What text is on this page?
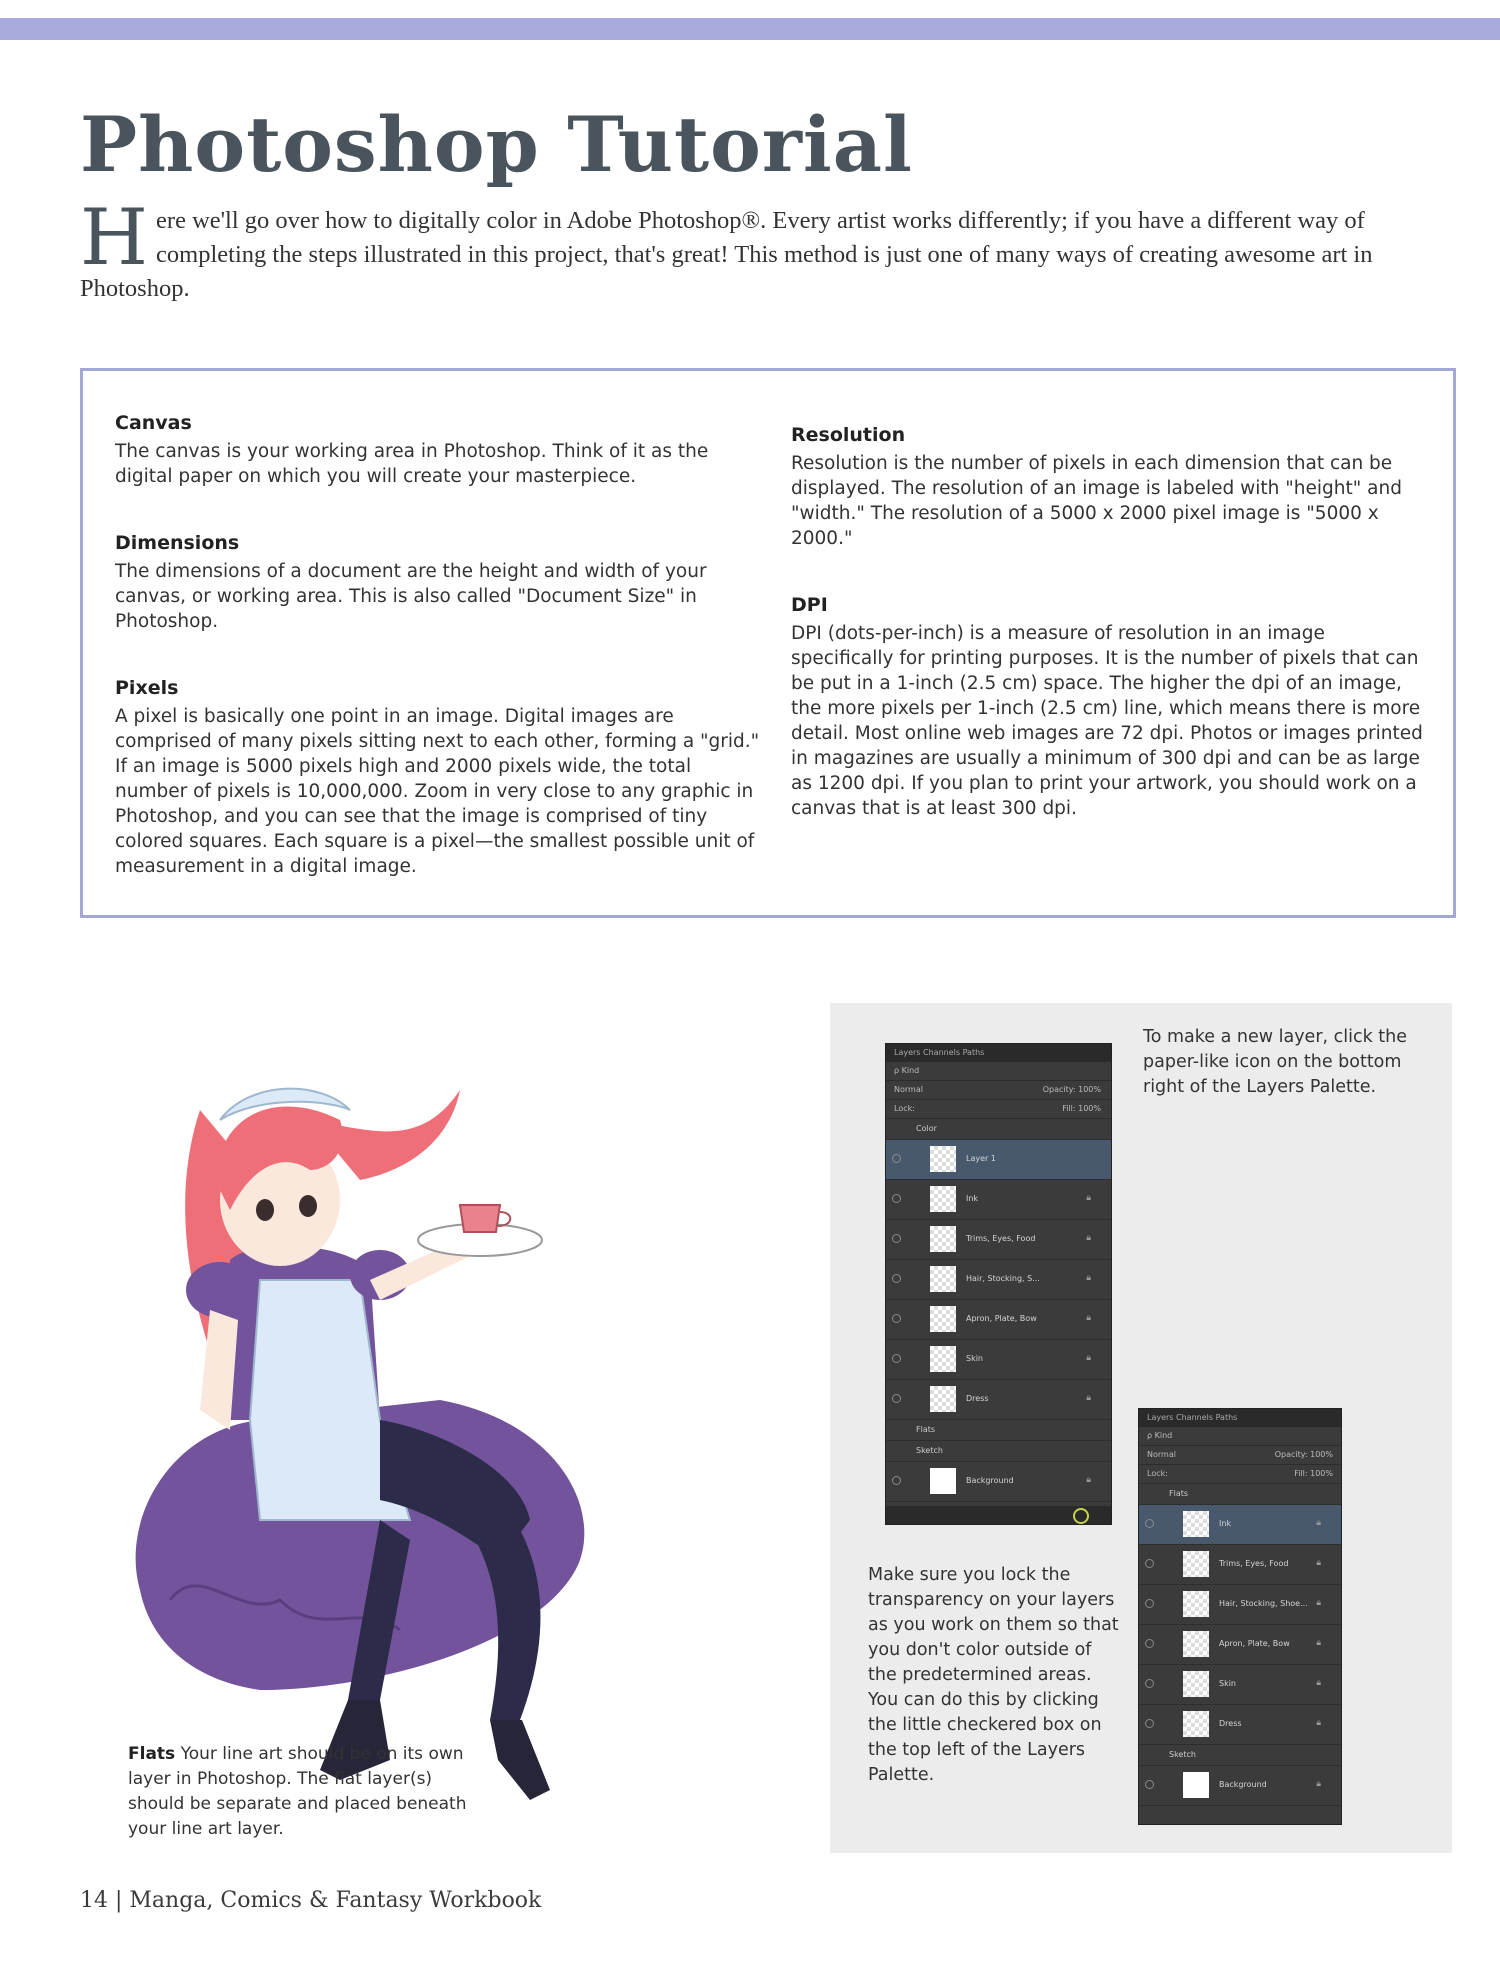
Photoshop Tutorial

Here we'll go over how to digitally color in Adobe Photoshop®. Every artist works differently; if you have a different way of completing the steps illustrated in this project, that's great! This method is just one of many ways of creating awesome art in Photoshop.

Canvas

The canvas is your working area in Photoshop. Think of it as the digital paper on which you will create your masterpiece.

Dimensions

The dimensions of a document are the height and width of your canvas, or working area. This is also called "Document Size" in Photoshop.

Pixels

A pixel is basically one point in an image. Digital images are comprised of many pixels sitting next to each other, forming a "grid." If an image is 5000 pixels high and 2000 pixels wide, the total number of pixels is 10,000,000. Zoom in very close to any graphic in Photoshop, and you can see that the image is comprised of tiny colored squares. Each square is a pixel—the smallest possible unit of measurement in a digital image.

Resolution

Resolution is the number of pixels in each dimension that can be displayed. The resolution of an image is labeled with "height" and "width." The resolution of a 5000 x 2000 pixel image is "5000 x 2000."

DPI

DPI (dots-per-inch) is a measure of resolution in an image specifically for printing purposes. It is the number of pixels that can be put in a 1-inch (2.5 cm) space. The higher the dpi of an image, the more pixels per 1-inch (2.5 cm) line, which means there is more detail. Most online web images are 72 dpi. Photos or images printed in magazines are usually a minimum of 300 dpi and can be as large as 1200 dpi. If you plan to print your artwork, you should work on a canvas that is at least 300 dpi.

Flats Your line art should be on its own layer in Photoshop. The flat layer(s) should be separate and placed beneath your line art layer.

Layers Channels Paths
ρ Kind
Normal	Opacity: 100%
Lock:	Fill: 100%
Color
Layer 1
Ink	🔒︎
Trims, Eyes, Food	🔒︎
Hair, Stocking, S...	🔒︎
Apron, Plate, Bow	🔒︎
Skin	🔒︎
Dress	🔒︎
Flats
Sketch
Background	🔒︎

To make a new layer, click the paper-like icon on the bottom right of the Layers Palette.

Layers Channels Paths
ρ Kind
Normal	Opacity: 100%
Lock:	Fill: 100%
Flats
Ink	🔒︎
Trims, Eyes, Food	🔒︎
Hair, Stocking, Shoe... 🔒︎
Apron, Plate, Bow	🔒︎
Skin	🔒︎
Dress	🔒︎
Sketch
Background	🔒︎

Make sure you lock the transparency on your layers as you work on them so that you don't color outside of the predetermined areas. You can do this by clicking the little checkered box on the top left of the Layers Palette.

14 | Manga, Comics & Fantasy Workbook
